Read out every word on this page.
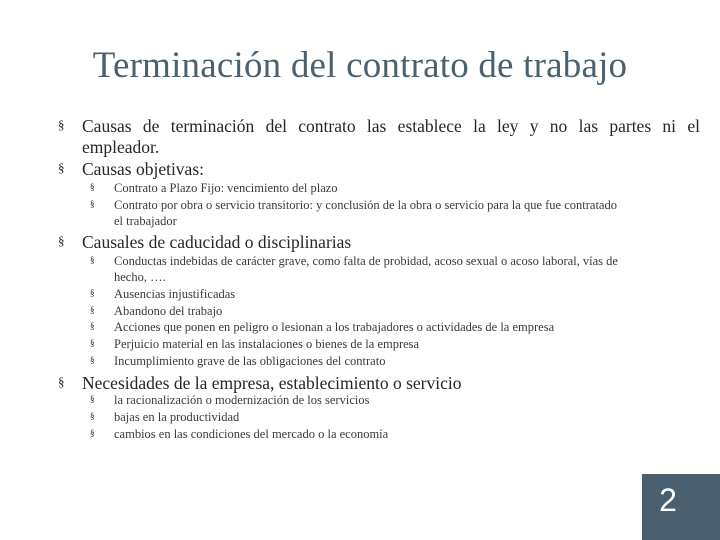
Terminación del contrato de trabajo
§	Causas de terminación del contrato las establece la ley y no las partes ni el
empleador.
§	Causas objetivas:
§	Contrato a Plazo Fijo: vencimiento del plazo
§	Contrato por obra o servicio transitorio: y conclusión de la obra o servicio para la que fue contratado
el trabajador
§	Causales de caducidad o disciplinarias
§	Conductas indebidas de carácter grave, como falta de probidad, acoso sexual o acoso laboral, vías de
hecho, ….
§	Ausencias injustificadas
§	Abandono del trabajo
§	Acciones que ponen en peligro o lesionan a los trabajadores o actividades de la empresa
§	Perjuicio material en las instalaciones o bienes de la empresa
§	Incumplimiento grave de las obligaciones del contrato
§	Necesidades de la empresa, establecimiento o servicio
§	la racionalización o modernización de los servicios
§	bajas en la productividad
§	cambios en las condiciones del mercado o la economía
2
